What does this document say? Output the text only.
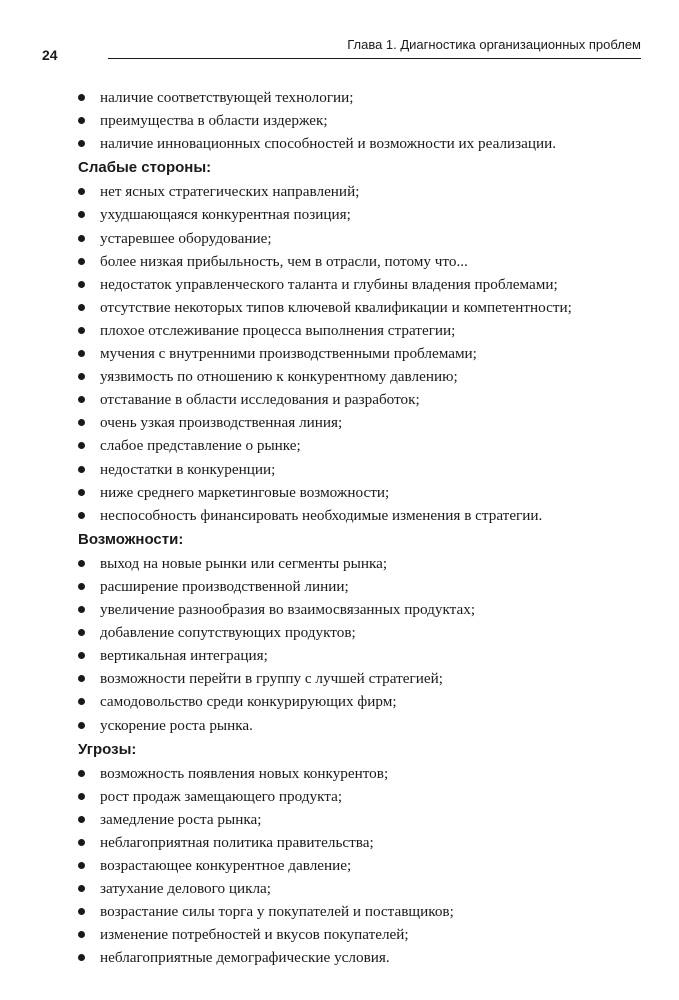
24
Глава 1. Диагностика организационных проблем
наличие соответствующей технологии;
преимущества в области издержек;
наличие инновационных способностей и возможности их реализации.
Слабые стороны:
нет ясных стратегических направлений;
ухудшающаяся конкурентная позиция;
устаревшее оборудование;
более низкая прибыльность, чем в отрасли, потому что...
недостаток управленческого таланта и глубины владения проблемами;
отсутствие некоторых типов ключевой квалификации и компетентности;
плохое отслеживание процесса выполнения стратегии;
мучения с внутренними производственными проблемами;
уязвимость по отношению к конкурентному давлению;
отставание в области исследования и разработок;
очень узкая производственная линия;
слабое представление о рынке;
недостатки в конкуренции;
ниже среднего маркетинговые возможности;
неспособность финансировать необходимые изменения в стратегии.
Возможности:
выход на новые рынки или сегменты рынка;
расширение производственной линии;
увеличение разнообразия во взаимосвязанных продуктах;
добавление сопутствующих продуктов;
вертикальная интеграция;
возможности перейти в группу с лучшей стратегией;
самодовольство среди конкурирующих фирм;
ускорение роста рынка.
Угрозы:
возможность появления новых конкурентов;
рост продаж замещающего продукта;
замедление роста рынка;
неблагоприятная политика правительства;
возрастающее конкурентное давление;
затухание делового цикла;
возрастание силы торга у покупателей и поставщиков;
изменение потребностей и вкусов покупателей;
неблагоприятные демографические условия.
